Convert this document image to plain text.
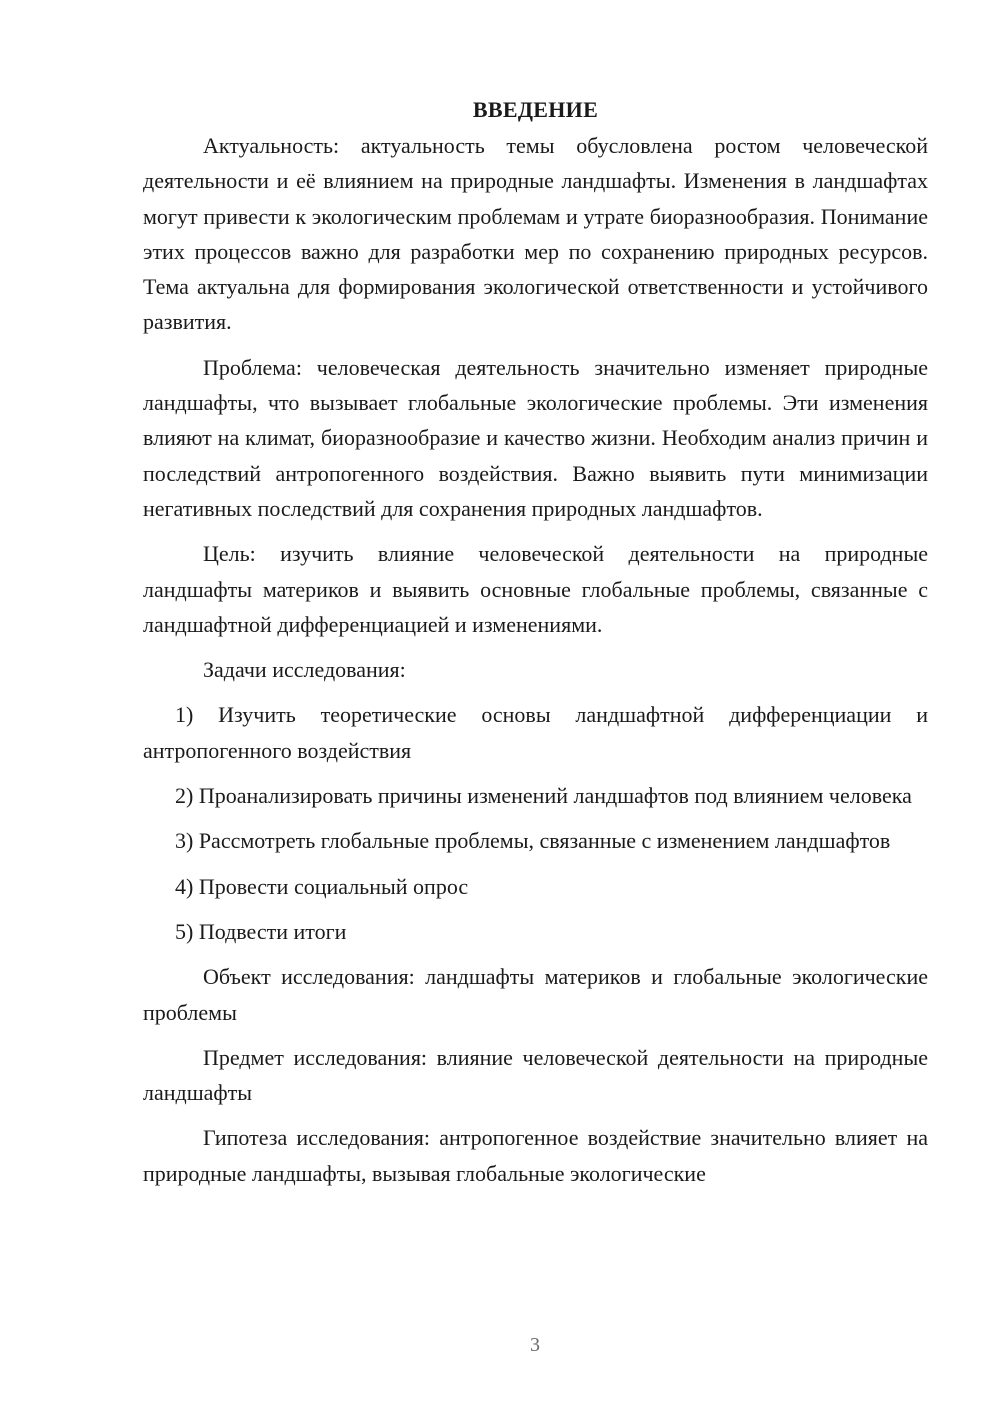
ВВЕДЕНИЕ

Актуальность: актуальность темы обусловлена ростом человеческой деятельности и её влиянием на природные ландшафты. Изменения в ландшафтах могут привести к экологическим проблемам и утрате биоразнообразия. Понимание этих процессов важно для разработки мер по сохранению природных ресурсов. Тема актуальна для формирования экологической ответственности и устойчивого развития.

Проблема: человеческая деятельность значительно изменяет природные ландшафты, что вызывает глобальные экологические проблемы. Эти изменения влияют на климат, биоразнообразие и качество жизни. Необходим анализ причин и последствий антропогенного воздействия. Важно выявить пути минимизации негативных последствий для сохранения природных ландшафтов.

Цель: изучить влияние человеческой деятельности на природные ландшафты материков и выявить основные глобальные проблемы, связанные с ландшафтной дифференциацией и изменениями.

Задачи исследования:

1) Изучить теоретические основы ландшафтной дифференциации и антропогенного воздействия

2) Проанализировать причины изменений ландшафтов под влиянием человека

3) Рассмотреть глобальные проблемы, связанные с изменением ландшафтов

4) Провести социальный опрос

5) Подвести итоги

Объект исследования: ландшафты материков и глобальные экологические проблемы

Предмет исследования: влияние человеческой деятельности на природные ландшафты

Гипотеза исследования: антропогенное воздействие значительно влияет на природные ландшафты, вызывая глобальные экологические

3
